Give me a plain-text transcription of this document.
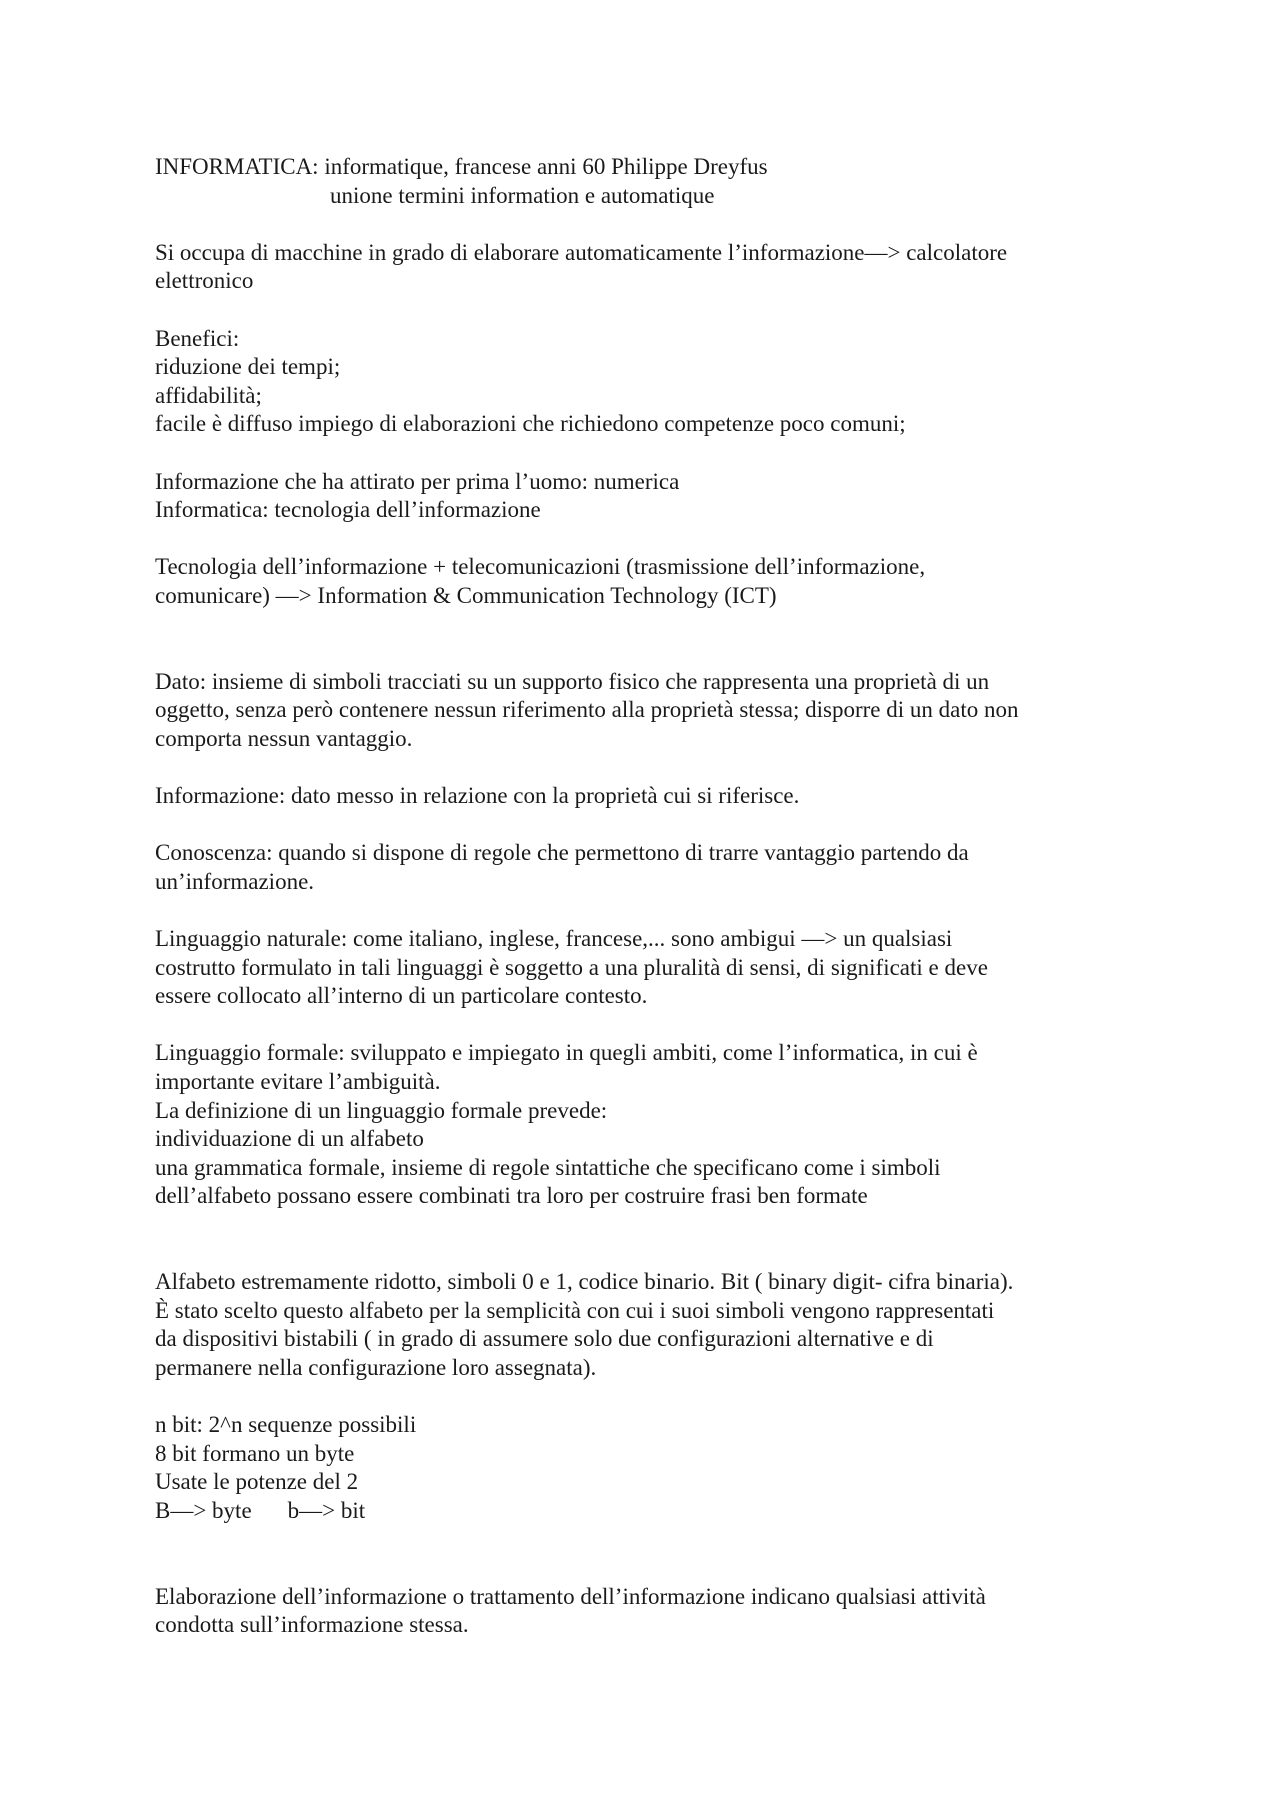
INFORMATICA: informatique, francese anni 60 Philippe Dreyfus
unione termini information e automatique
Si occupa di macchine in grado di elaborare automaticamente l’informazione—> calcolatore
elettronico
Benefici:
riduzione dei tempi;
affidabilità;
facile è diffuso impiego di elaborazioni che richiedono competenze poco comuni;
Informazione che ha attirato per prima l’uomo: numerica
Informatica: tecnologia dell’informazione
Tecnologia dell’informazione + telecomunicazioni (trasmissione dell’informazione,
comunicare) —> Information & Communication Technology (ICT)
Dato: insieme di simboli tracciati su un supporto fisico che rappresenta una proprietà di un
oggetto, senza però contenere nessun riferimento alla proprietà stessa; disporre di un dato non
comporta nessun vantaggio.
Informazione: dato messo in relazione con la proprietà cui si riferisce.
Conoscenza: quando si dispone di regole che permettono di trarre vantaggio partendo da
un’informazione.
Linguaggio naturale: come italiano, inglese, francese,... sono ambigui —> un qualsiasi
costrutto formulato in tali linguaggi è soggetto a una pluralità di sensi, di significati e deve
essere collocato all’interno di un particolare contesto.
Linguaggio formale: sviluppato e impiegato in quegli ambiti, come l’informatica, in cui è
importante evitare l’ambiguità.
La definizione di un linguaggio formale prevede:
individuazione di un alfabeto
una grammatica formale, insieme di regole sintattiche che specificano come i simboli
dell’alfabeto possano essere combinati tra loro per costruire frasi ben formate
Alfabeto estremamente ridotto, simboli 0 e 1, codice binario. Bit ( binary digit- cifra binaria).
È stato scelto questo alfabeto per la semplicità con cui i suoi simboli vengono rappresentati
da dispositivi bistabili ( in grado di assumere solo due configurazioni alternative e di
permanere nella configurazione loro assegnata).
n bit: 2^n sequenze possibili
8 bit formano un byte
Usate le potenze del 2
B—> byte b—> bit
Elaborazione dell’informazione o trattamento dell’informazione indicano qualsiasi attività
condotta sull’informazione stessa.
